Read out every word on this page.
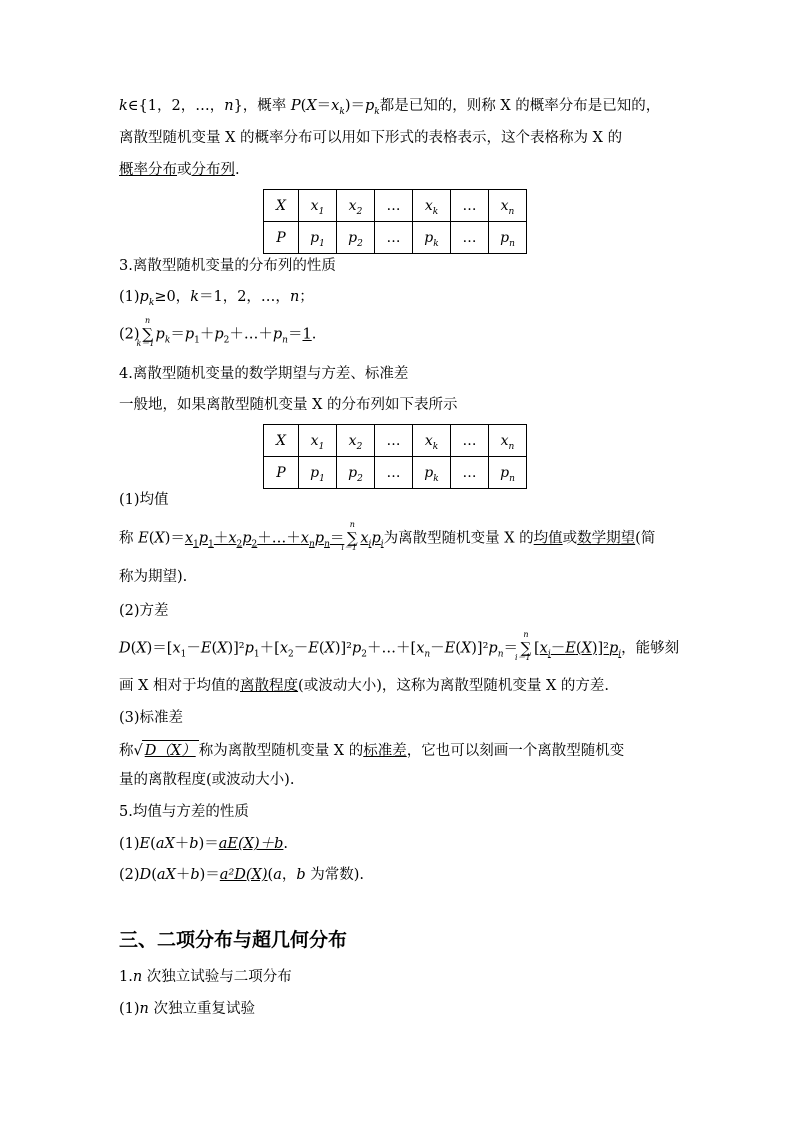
k∈{1，2，…，n}，概率 $P(X=x_k)=p_k$都是已知的，则称 X 的概率分布是已知的，
离散型随机变量 X 的概率分布可以用如下形式的表格表示，这个表格称为 X 的
概率分布或分布列.
X	$x_1$	$x_2$	…	$x_k$	…	$x_n$
P	$p_1$	$p_2$	…	$p_k$	…	$p_n$
3.离散型随机变量的分布列的性质
$(1)p_k\ge 0$，k＝1，2，…，n；
(2)
n
∑
k＝1
$p_k=p_1+p_2+\dots+p_n=1$.
4.离散型随机变量的数学期望与方差、标准差
一般地，如果离散型随机变量 X 的分布列如下表所示
X	$x_1$	$x_2$	…	$x_k$	…	$x_n$
P	$p_1$	$p_2$	…	$p_k$	…	$p_n$
(1)均值
称 $E(X)=x_1p_1+x_2p_2+\dots+x_np_n=$
n
∑
i＝1
$x_ip_i$为离散型随机变量 X 的均值或数学期望(简
称为期望).
(2)方差
$D(X)=[x_1-E(X)]^2p_1+[x_2-E(X)]^2p_2+\dots+[x_n-E(X)]^2p_n=$
n
∑
i＝1
$[x_i-E(X)]^2p_i$，能够刻
画 X 相对于均值的离散程度(或波动大小)，这称为离散型随机变量 X 的方差.
(3)标准差
称√ D（X） 称为离散型随机变量 X 的标准差，它也可以刻画一个离散型随机变
量的离散程度(或波动大小).
5.均值与方差的性质
(1)E(aX＋b)＝aE(X)＋b.
(2)D(aX＋b)＝a²D(X)(a，b 为常数).
三、二项分布与超几何分布
1.n 次独立试验与二项分布
(1)n 次独立重复试验
